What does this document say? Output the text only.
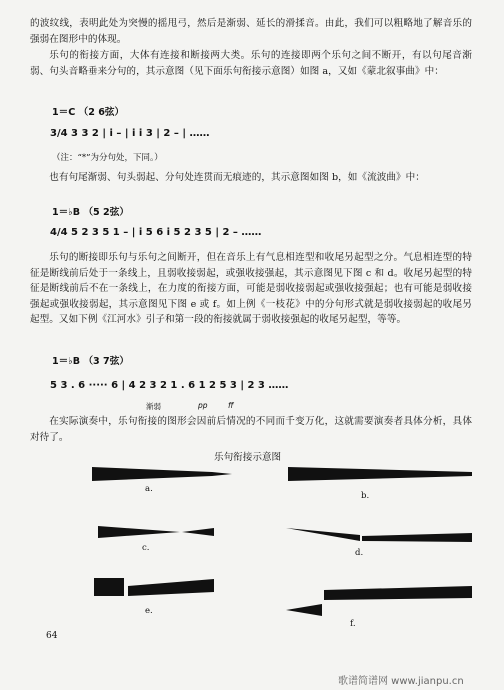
的波纹线，表明此处为突慢的摇甩弓，然后是渐弱、延长的滑揉音。由此，我们可以粗略地了解音乐的强弱在图形中的体现。
乐句的衔接方面，大体有连接和断接两大类。乐句的连接即两个乐句之间不断开，有以句尾音渐弱、句头音略垂来分句的，其示意图（见下面乐句衔接示意图）如图 a，又如《蒙北叙事曲》中：
1＝C （2 6弦）
3/4 3 3 2 | i – | i i 3 | 2 – | ……
（注：“*”为分句处，下同。）
也有句尾渐弱、句头弱起、分句处连贯而无痕迹的，其示意图如图 b，如《流波曲》中：
1＝♭B （5 2弦）
4/4 5 2 3 5 1 – | i 5 6 i 5 2 3 5 | 2 – ……
乐句的断接即乐句与乐句之间断开，但在音乐上有气息相连型和收尾另起型之分。气息相连型的特征是断线前后处于一条线上，且弱收接弱起，或强收接强起，其示意图见下图 c 和 d。收尾另起型的特征是断线前后不在一条线上，在力度的衔接方面，可能是弱收接弱起或强收接强起；也有可能是弱收接强起或强收接弱起，其示意图见下图 e 或 f。如上例《一枝花》中的分句形式就是弱收接弱起的收尾另起型。又如下例《江河水》引子和第一段的衔接就属于弱收接强起的收尾另起型，等等。
1＝♭B （3 7弦）
5 3 . 6 ····· 6 | 4 2 3 2 1 . 6 1 2 5 3 | 2 3 ……
渐弱	pp	ff
在实际演奏中，乐句衔接的图形会因前后情况的不同而千变万化，这就需要演奏者具体分析，具体对待了。
乐句衔接示意图
a.
b.
c.	d.
e.
f.
64
歌谱简谱网 www.jianpu.cn
